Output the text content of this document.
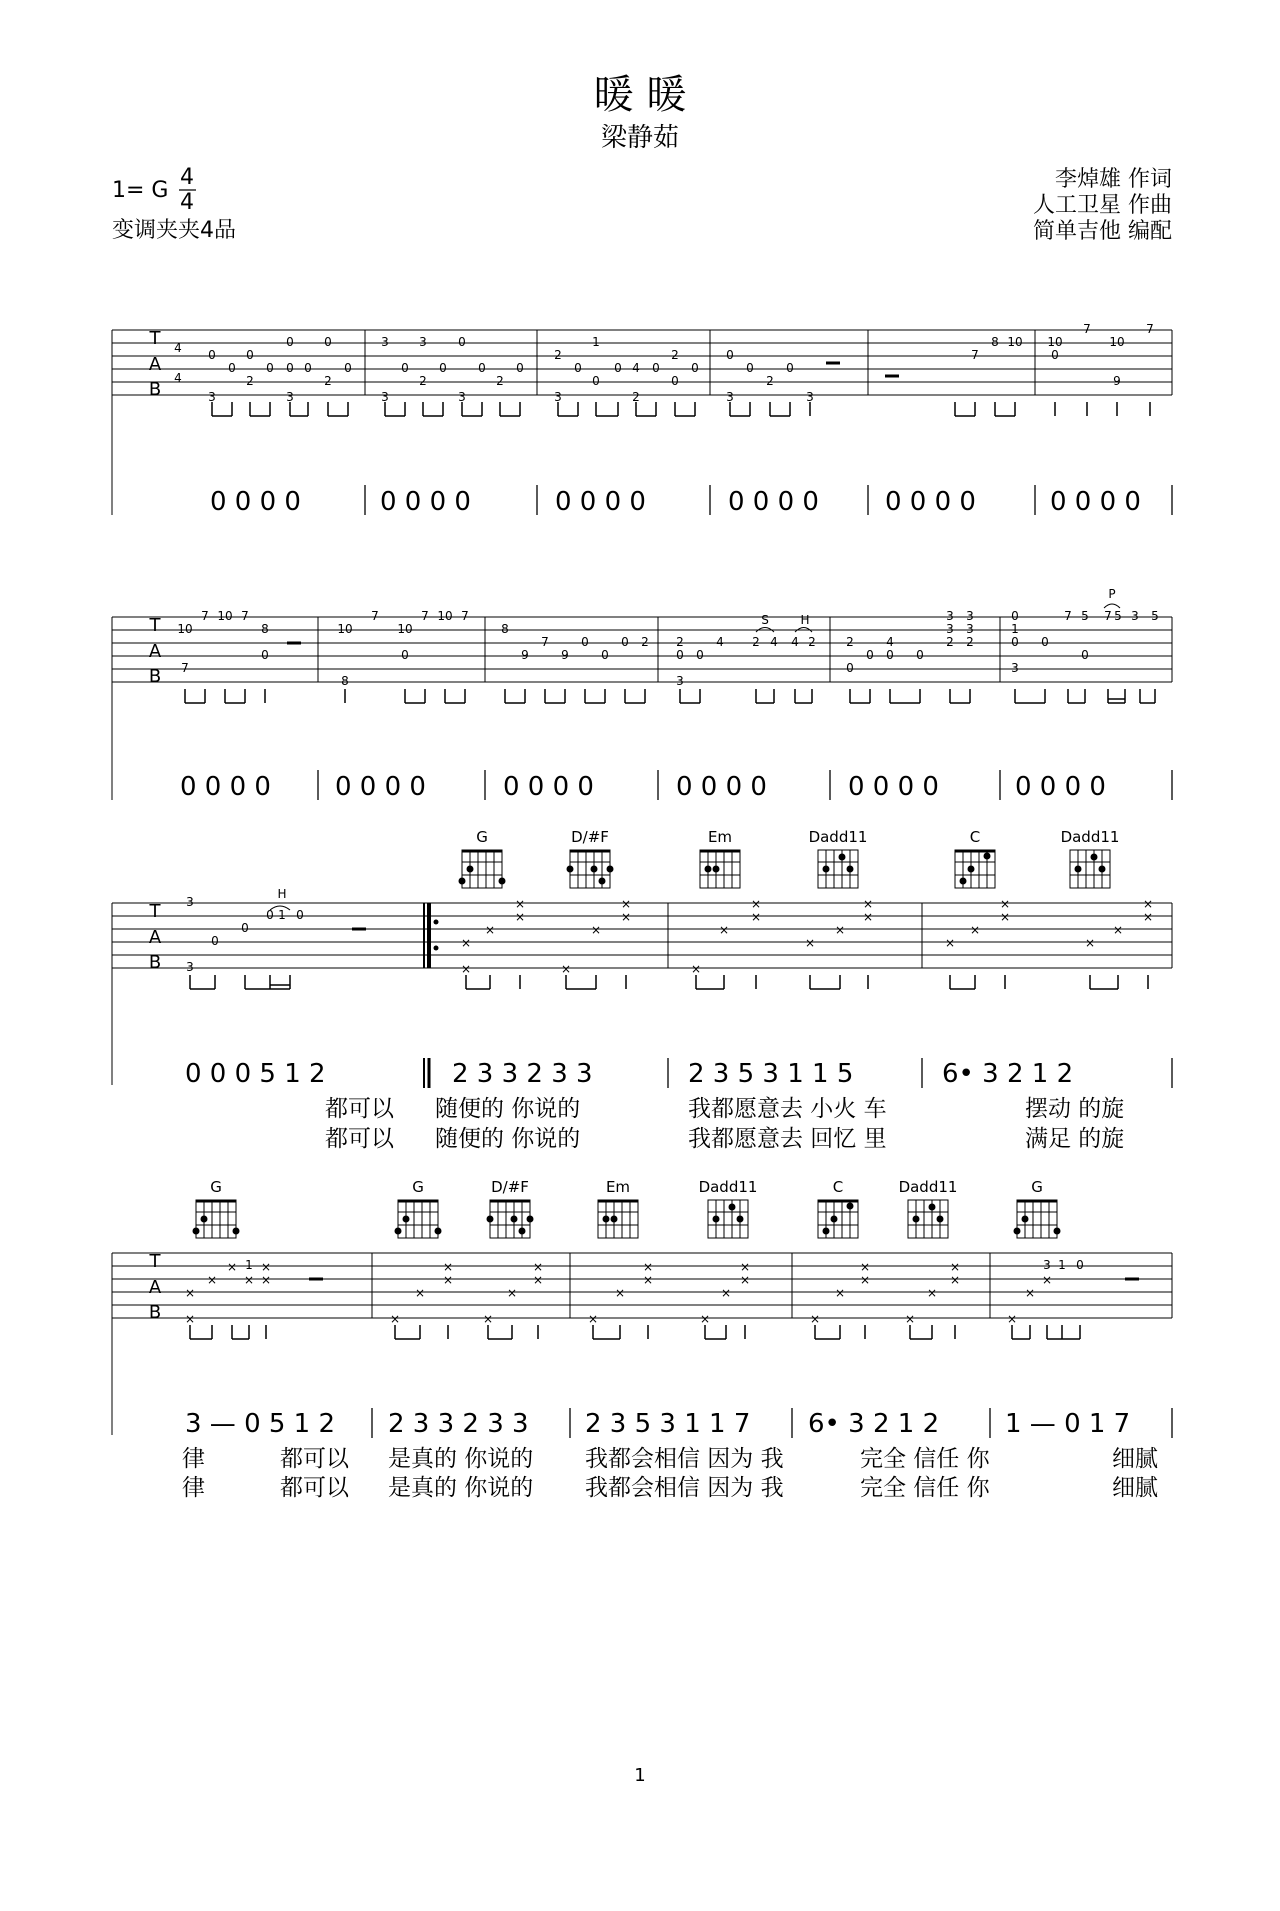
暖 暖
梁静茹
1= G
4
4
变调夹夹4品
李焯雄 作词
人工卫星 作曲
简单吉他 编配
T
A
B
4
4
0
0
3
0
0
2
0
0
3
0
0
2
0
3
3
0
3
2
0
0
3
0
2
0
2
3
0
1
0
0 4
2
0
2
0
0
0
3
0
2
0
3
7
8 10 10
0
7
10
9
7
0 0 0 0	0 0 0 0	0 0 0 0	0 0 0 0	0 0 0 0	0 0 0 0
T
A
B
10
7
7 10 7
8
0
10
8
7
10
0
7 10 7
8
9
7
9
0
0
0 2 2
0
3
0
4 2 4 4 2	2
0
0
4
0 0
3
3
2
3
3
2
0
1
0
3
0
7 5
0
7 5 3 5
S	H
P
0 0 0 0 0 0 0 0	0 0 0 0	0 0 0 0	0 0 0 0	0 0 0 0
G	D/#F	Em	Dadd11	C	Dadd11
T
A
B
3
3
0
0
0 1 0
H
×
×
×
×
×
×
×
×
×
×
×
×
×
×
×
×
×
×
×
×
×
×
×
×
×
0 0 0 5 1 2	2 3 3 2 3 3	2 3 5 3 1 1 5	6• 3 2 1 2
都可以 随便的 你说的	我都愿意去 小火 车	摆动 的旋
都可以 随便的 你说的	我都愿意去 回忆 里	满足 的旋
G	G	D/#F	Em	Dadd11	C	Dadd11	G
T
A
B
1	3 1 0
×
×
×
×
×
×
×
×
×
×
×
×
×
×
×
×
×
×
×
×
×
×
×
×
×
×
×
×
×
×
×
×
×
×
3 — 0 5 1 2 2 3 3 2 3 3 2 3 5 3 1 1 7 6• 3 2 1 2	1 — 0 1 7
律	都可以 是真的 你说的 我都会相信 因为 我	完全 信任 你	细腻
律	都可以 是真的 你说的 我都会相信 因为 我	完全 信任 你	细腻
1
